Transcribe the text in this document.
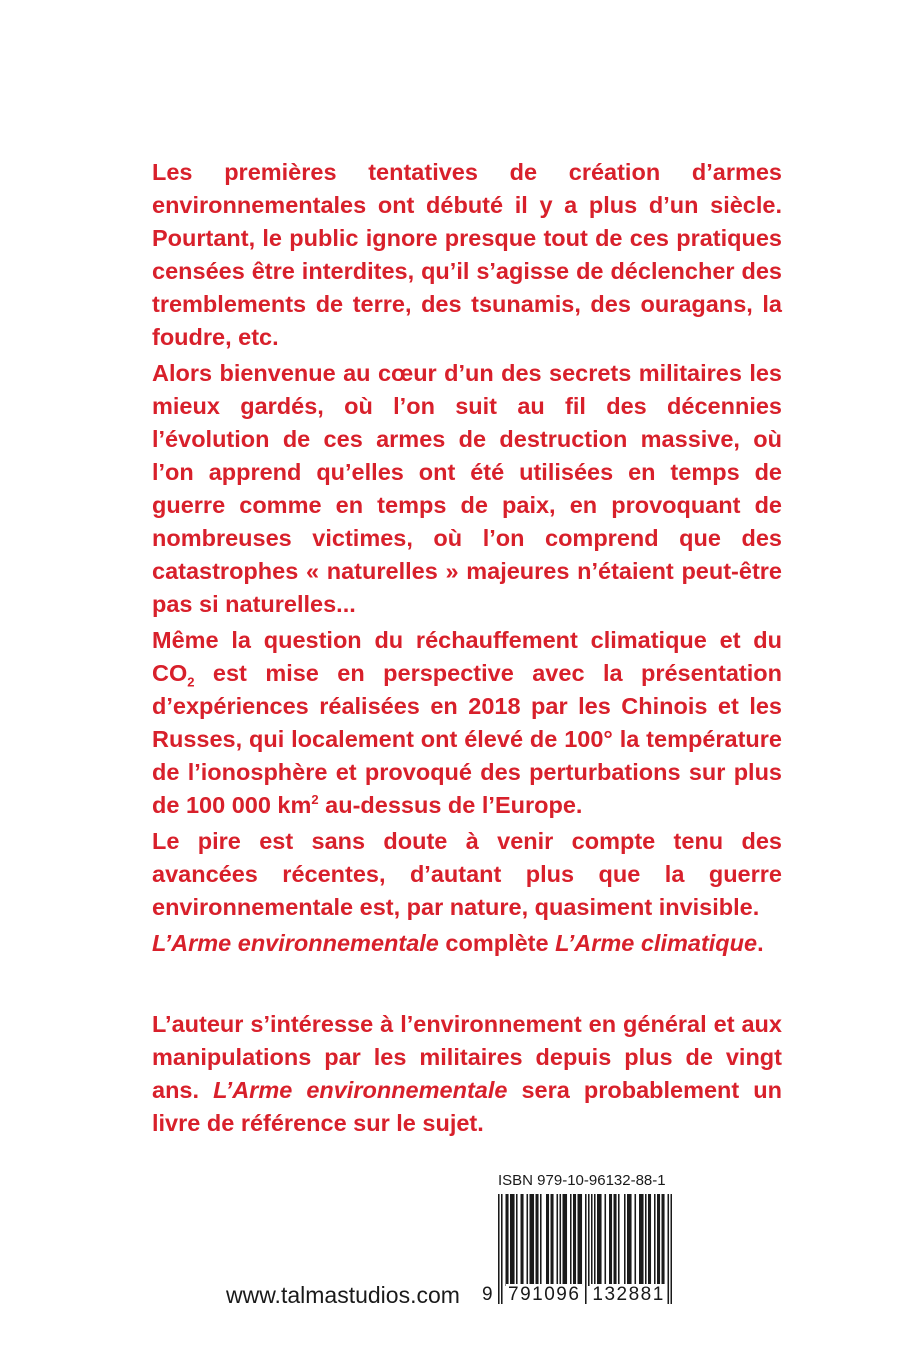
Les premières tentatives de création d’armes environnementales ont débuté il y a plus d’un siècle. Pourtant, le public ignore presque tout de ces pratiques censées être interdites, qu’il s’agisse de déclencher des tremblements de terre, des tsunamis, des ouragans, la foudre, etc.

Alors bienvenue au cœur d’un des secrets militaires les mieux gardés, où l’on suit au fil des décennies l’évolution de ces armes de destruction massive, où l’on apprend qu’elles ont été utilisées en temps de guerre comme en temps de paix, en provoquant de nombreuses victimes, où l’on comprend que des catastrophes « naturelles » majeures n’étaient peut-être pas si naturelles...

Même la question du réchauffement climatique et du $CO_2$ est mise en perspective avec la présentation d’expériences réalisées en 2018 par les Chinois et les Russes, qui localement ont élevé de 100° la température de l’ionosphère et provoqué des perturbations sur plus de 100 000 $km^2$ au-dessus de l’Europe.

Le pire est sans doute à venir compte tenu des avancées récentes, d’autant plus que la guerre environnementale est, par nature, quasiment invisible.

L’Arme environnementale complète L’Arme climatique.

L’auteur s’intéresse à l’environnement en général et aux manipulations par les militaires depuis plus de vingt ans. L’Arme environnementale sera probablement un livre de référence sur le sujet.

ISBN 979-10-96132-88-1
www.talmastudios.com 9 791096 132881
